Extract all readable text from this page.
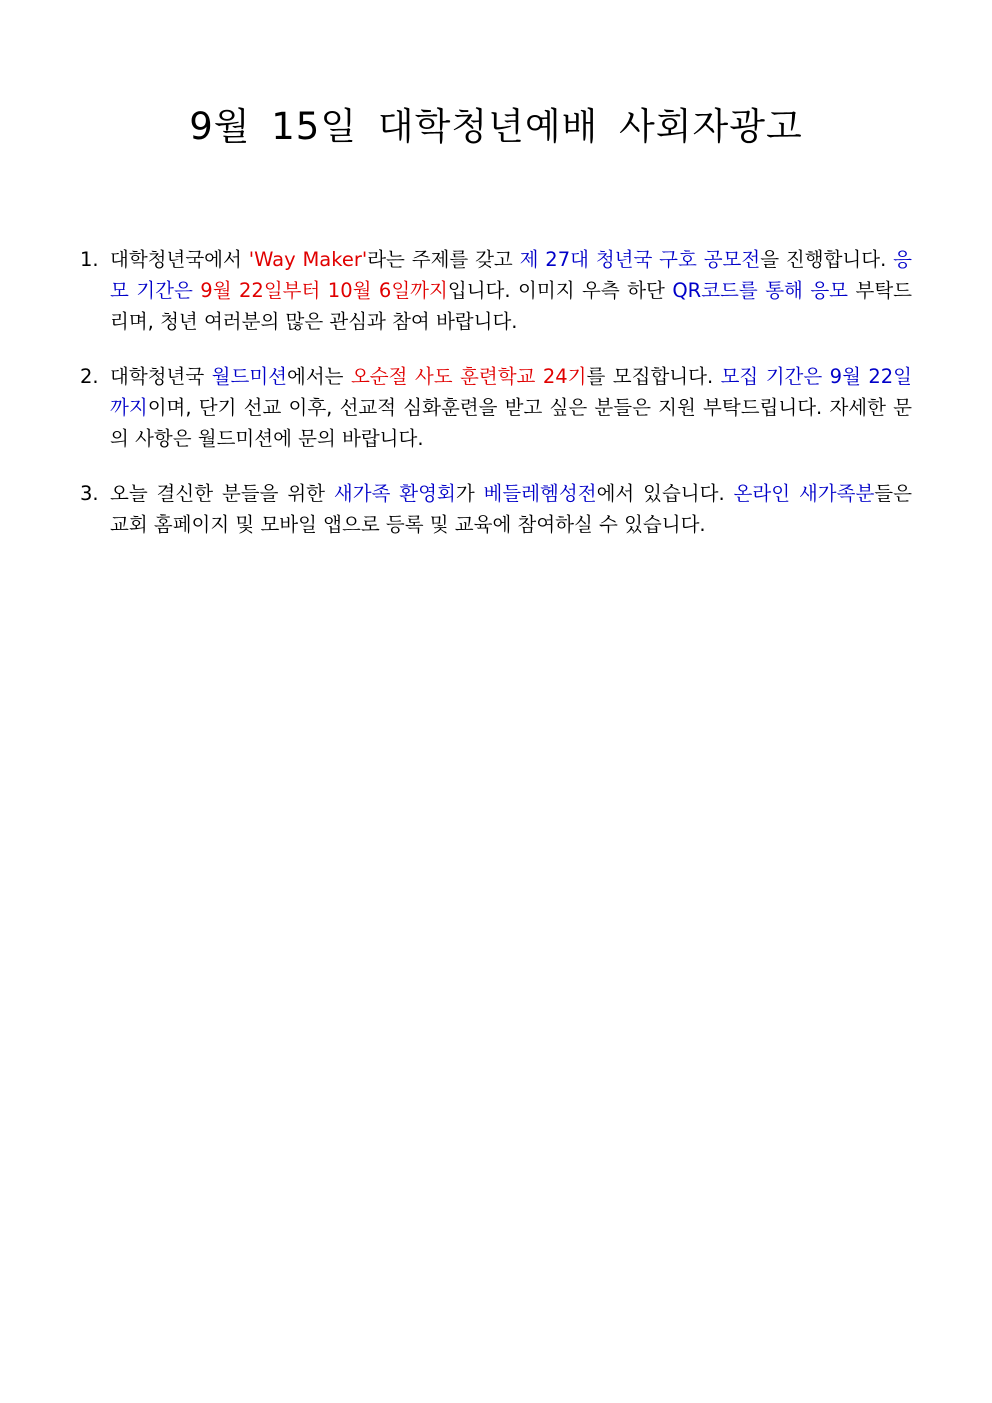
9월 15일 대학청년예배 사회자광고
1. 대학청년국에서 'Way Maker'라는 주제를 갖고 제 27대 청년국 구호 공모전을 진행합니다. 응모 기간은 9월 22일부터 10월 6일까지입니다. 이미지 우측 하단 QR코드를 통해 응모 부탁드리며, 청년 여러분의 많은 관심과 참여 바랍니다.
2. 대학청년국 월드미션에서는 오순절 사도 훈련학교 24기를 모집합니다. 모집 기간은 9월 22일 까지이며, 단기 선교 이후, 선교적 심화훈련을 받고 싶은 분들은 지원 부탁드립니다. 자세한 문의 사항은 월드미션에 문의 바랍니다.
3. 오늘 결신한 분들을 위한 새가족 환영회가 베들레헴성전에서 있습니다. 온라인 새가족분들은 교회 홈페이지 및 모바일 앱으로 등록 및 교육에 참여하실 수 있습니다.
